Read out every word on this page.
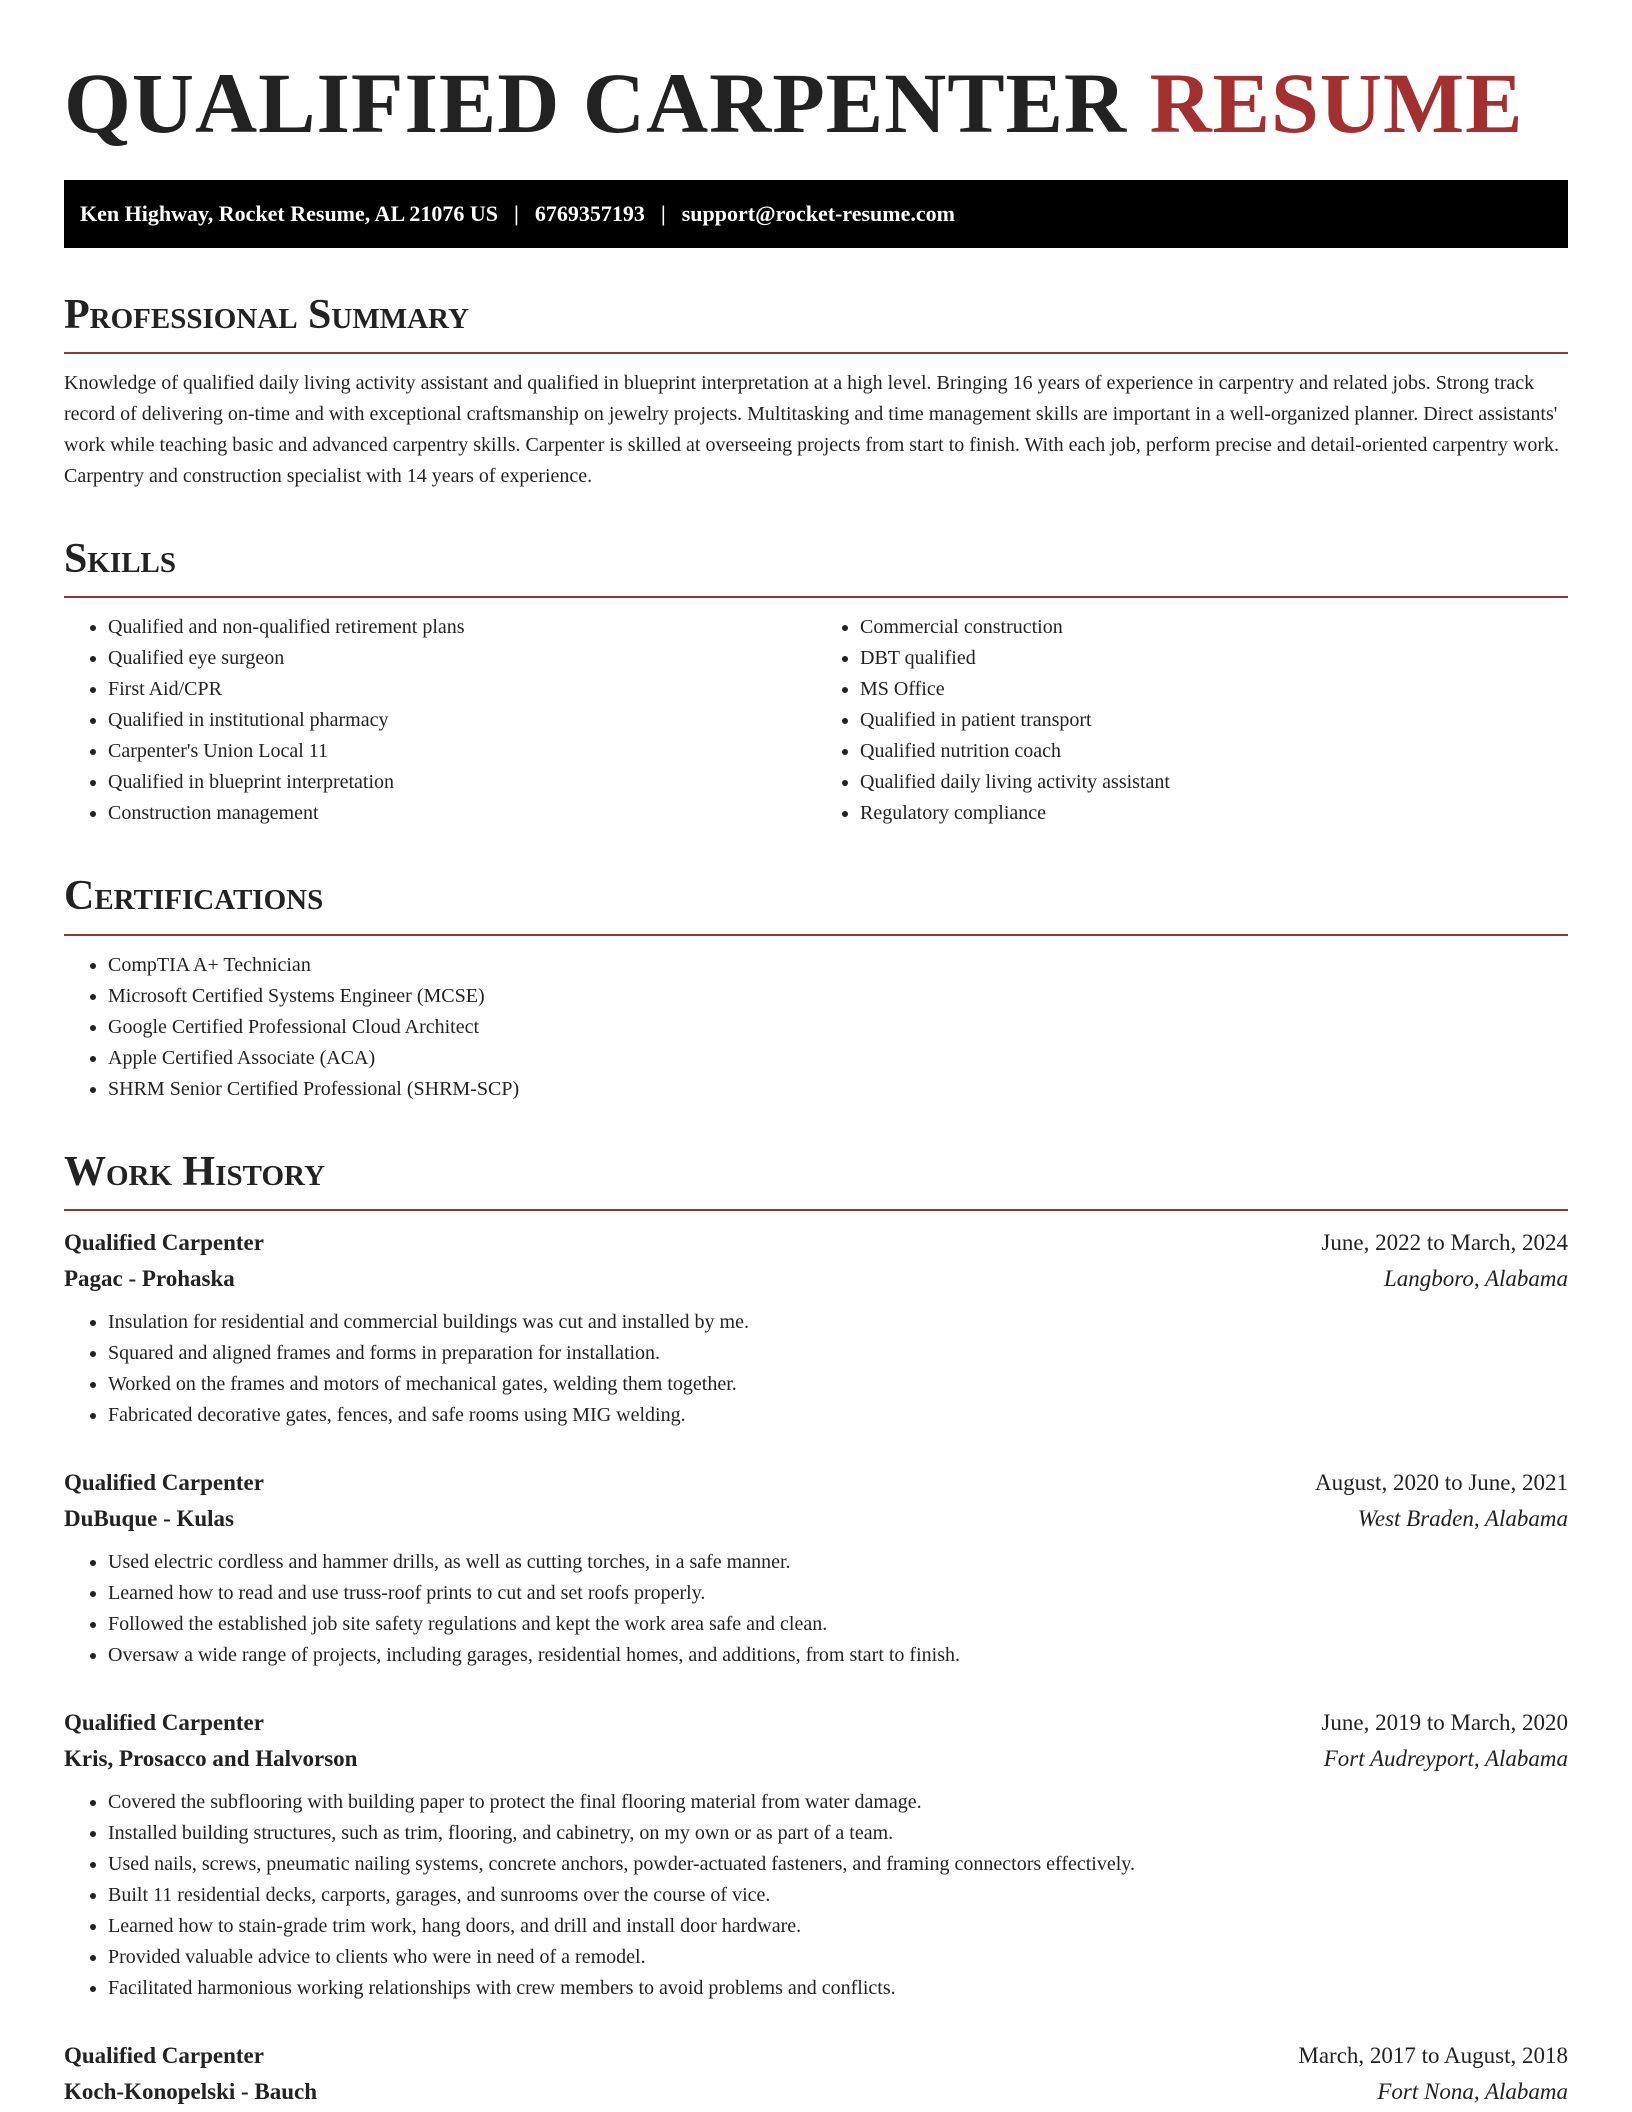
QUALIFIED CARPENTER RESUME
Ken Highway, Rocket Resume, AL 21076 US | 6769357193 | support@rocket-resume.com
Professional Summary
Knowledge of qualified daily living activity assistant and qualified in blueprint interpretation at a high level. Bringing 16 years of experience in carpentry and related jobs. Strong track record of delivering on-time and with exceptional craftsmanship on jewelry projects. Multitasking and time management skills are important in a well-organized planner. Direct assistants' work while teaching basic and advanced carpentry skills. Carpenter is skilled at overseeing projects from start to finish. With each job, perform precise and detail-oriented carpentry work. Carpentry and construction specialist with 14 years of experience.
Skills
• Qualified and non-qualified retirement plans
• Qualified eye surgeon
• First Aid/CPR
• Qualified in institutional pharmacy
• Carpenter's Union Local 11
• Qualified in blueprint interpretation
• Construction management
• Commercial construction
• DBT qualified
• MS Office
• Qualified in patient transport
• Qualified nutrition coach
• Qualified daily living activity assistant
• Regulatory compliance
Certifications
• CompTIA A+ Technician
• Microsoft Certified Systems Engineer (MCSE)
• Google Certified Professional Cloud Architect
• Apple Certified Associate (ACA)
• SHRM Senior Certified Professional (SHRM-SCP)
Work History
Qualified Carpenter	June, 2022 to March, 2024
Pagac - Prohaska	Langboro, Alabama
• Insulation for residential and commercial buildings was cut and installed by me.
• Squared and aligned frames and forms in preparation for installation.
• Worked on the frames and motors of mechanical gates, welding them together.
• Fabricated decorative gates, fences, and safe rooms using MIG welding.
Qualified Carpenter	August, 2020 to June, 2021
DuBuque - Kulas	West Braden, Alabama
• Used electric cordless and hammer drills, as well as cutting torches, in a safe manner.
• Learned how to read and use truss-roof prints to cut and set roofs properly.
• Followed the established job site safety regulations and kept the work area safe and clean.
• Oversaw a wide range of projects, including garages, residential homes, and additions, from start to finish.
Qualified Carpenter	June, 2019 to March, 2020
Kris, Prosacco and Halvorson	Fort Audreyport, Alabama
• Covered the subflooring with building paper to protect the final flooring material from water damage.
• Installed building structures, such as trim, flooring, and cabinetry, on my own or as part of a team.
• Used nails, screws, pneumatic nailing systems, concrete anchors, powder-actuated fasteners, and framing connectors effectively.
• Built 11 residential decks, carports, garages, and sunrooms over the course of vice.
• Learned how to stain-grade trim work, hang doors, and drill and install door hardware.
• Provided valuable advice to clients who were in need of a remodel.
• Facilitated harmonious working relationships with crew members to avoid problems and conflicts.
Qualified Carpenter	March, 2017 to August, 2018
Koch-Konopelski - Bauch	Fort Nona, Alabama
